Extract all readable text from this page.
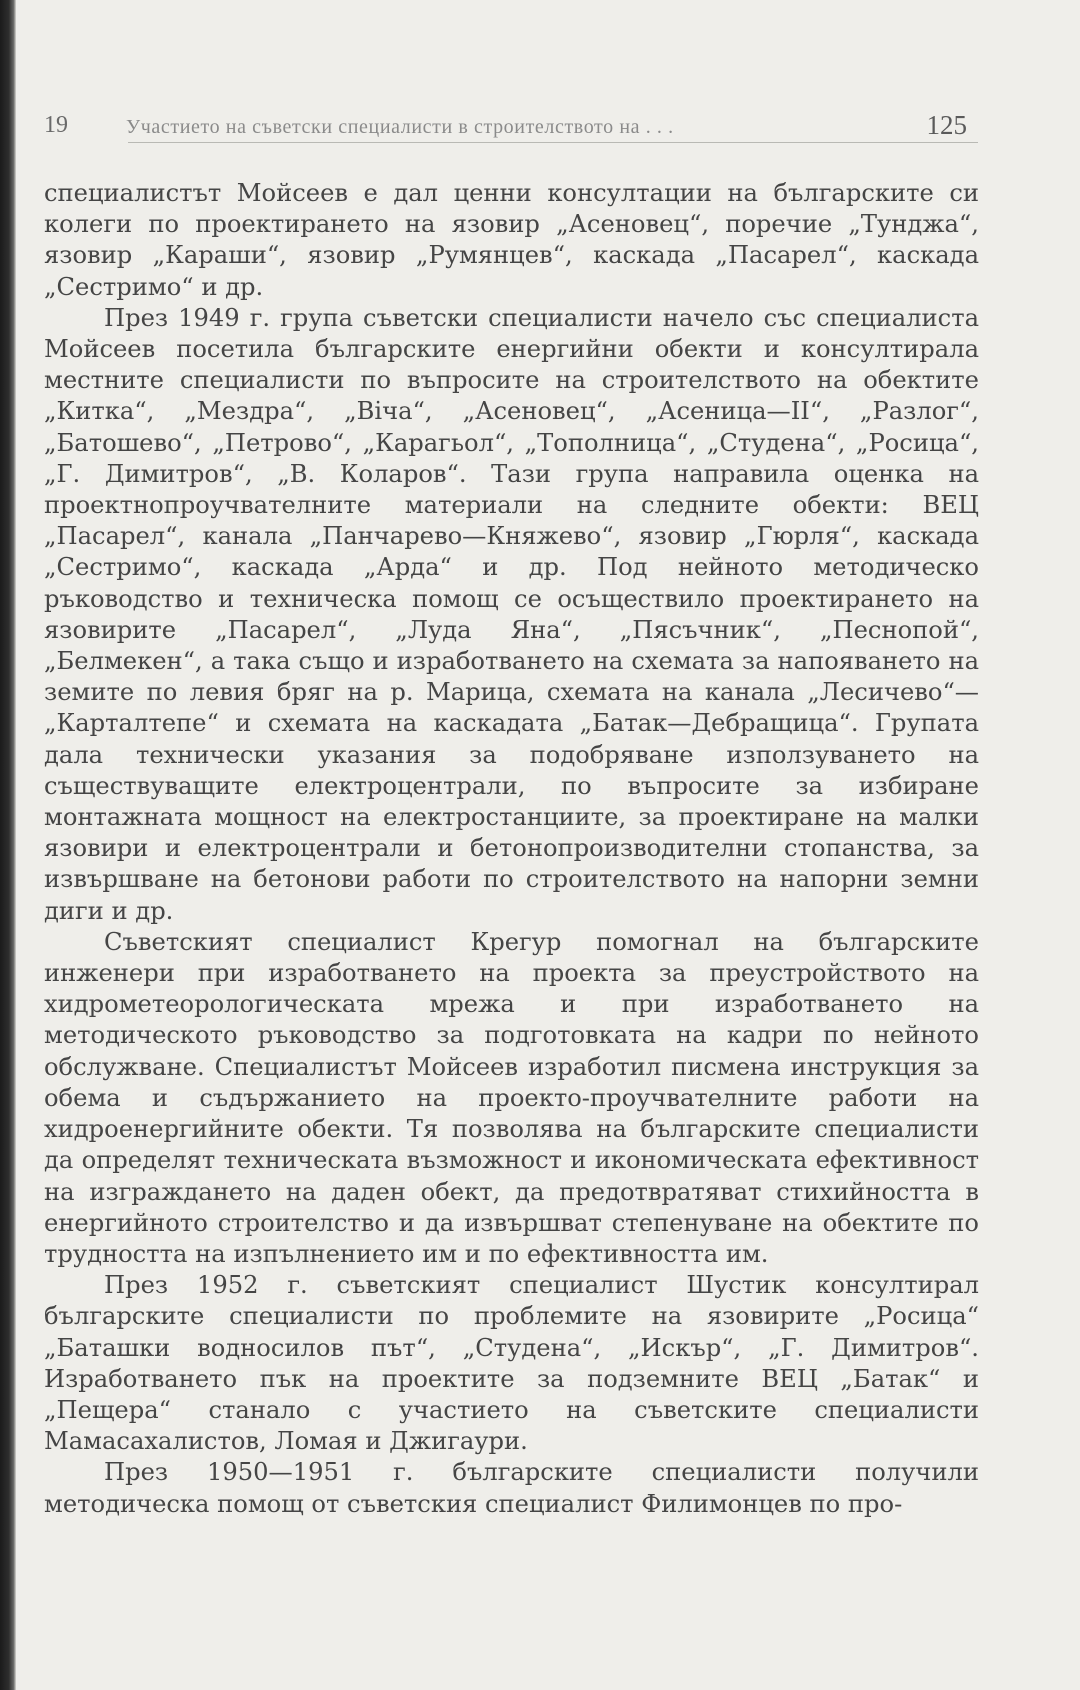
19	Участието на съветски специалисти в строителството на . . .	125

специалистът Мойсеев е дал ценни консултации на българските си колеги по проектирането на язовир „Асеновец“, поречие „Тунджа“, язовир „Караши“, язовир „Румянцев“, каскада „Пасарел“, каскада „Сестримо“ и др.

През 1949 г. група съветски специалисти начело със специалиста Мойсеев посетила българските енергийни обекти и консултирала местните специалисти по въпросите на строителството на обектите „Китка“, „Мездра“, „Віча“, „Асеновец“, „Асеница—II“, „Разлог“, „Батошево“, „Петрово“, „Карагьол“, „Тополница“, „Студена“, „Росица“, „Г. Димитров“, „В. Коларов“. Тази група направила оценка на проектнопроучвателните материали на следните обекти: ВЕЦ „Пасарел“, канала „Панчарево—Княжево“, язовир „Гюрля“, каскада „Сестримо“, каскада „Арда“ и др. Под нейното методическо ръководство и техническа помощ се осъществило проектирането на язовирите „Пасарел“, „Луда Яна“, „Пясъчник“, „Песнопой“, „Белмекен“, а така също и изработването на схемата за напояването на земите по левия бряг на р. Марица, схемата на канала „Лесичево“—„Карталтепе“ и схемата на каскадата „Батак—Дебращица“. Групата дала технически указания за подобряване използуването на съществуващите електроцентрали, по въпросите за избиране монтажната мощност на електростанциите, за проектиране на малки язовири и електроцентрали и бетонопроизводителни стопанства, за извършване на бетонови работи по строителството на напорни земни диги и др.

Съветският специалист Крегур помогнал на българските инженери при изработването на проекта за преустройството на хидрометеорологическата мрежа и при изработването на методическото ръководство за подготовката на кадри по нейното обслужване. Специалистът Мойсеев изработил писмена инструкция за обема и съдържанието на проекто-проучвателните работи на хидроенергийните обекти. Тя позволява на българските специалисти да определят техническата възможност и икономическата ефективност на изграждането на даден обект, да предотвратяват стихийността в енергийното строителство и да извършват степенуване на обектите по трудността на изпълнението им и по ефективността им.

През 1952 г. съветският специалист Шустик консултирал българските специалисти по проблемите на язовирите „Росица“ „Баташки водносилов път“, „Студена“, „Искър“, „Г. Димитров“. Изработването пък на проектите за подземните ВЕЦ „Батак“ и „Пещера“ станало с участието на съветските специалисти Мамасахалистов, Ломая и Джигаури.

През 1950—1951 г. българските специалисти получили методическа помощ от съветския специалист Филимонцев по про-
